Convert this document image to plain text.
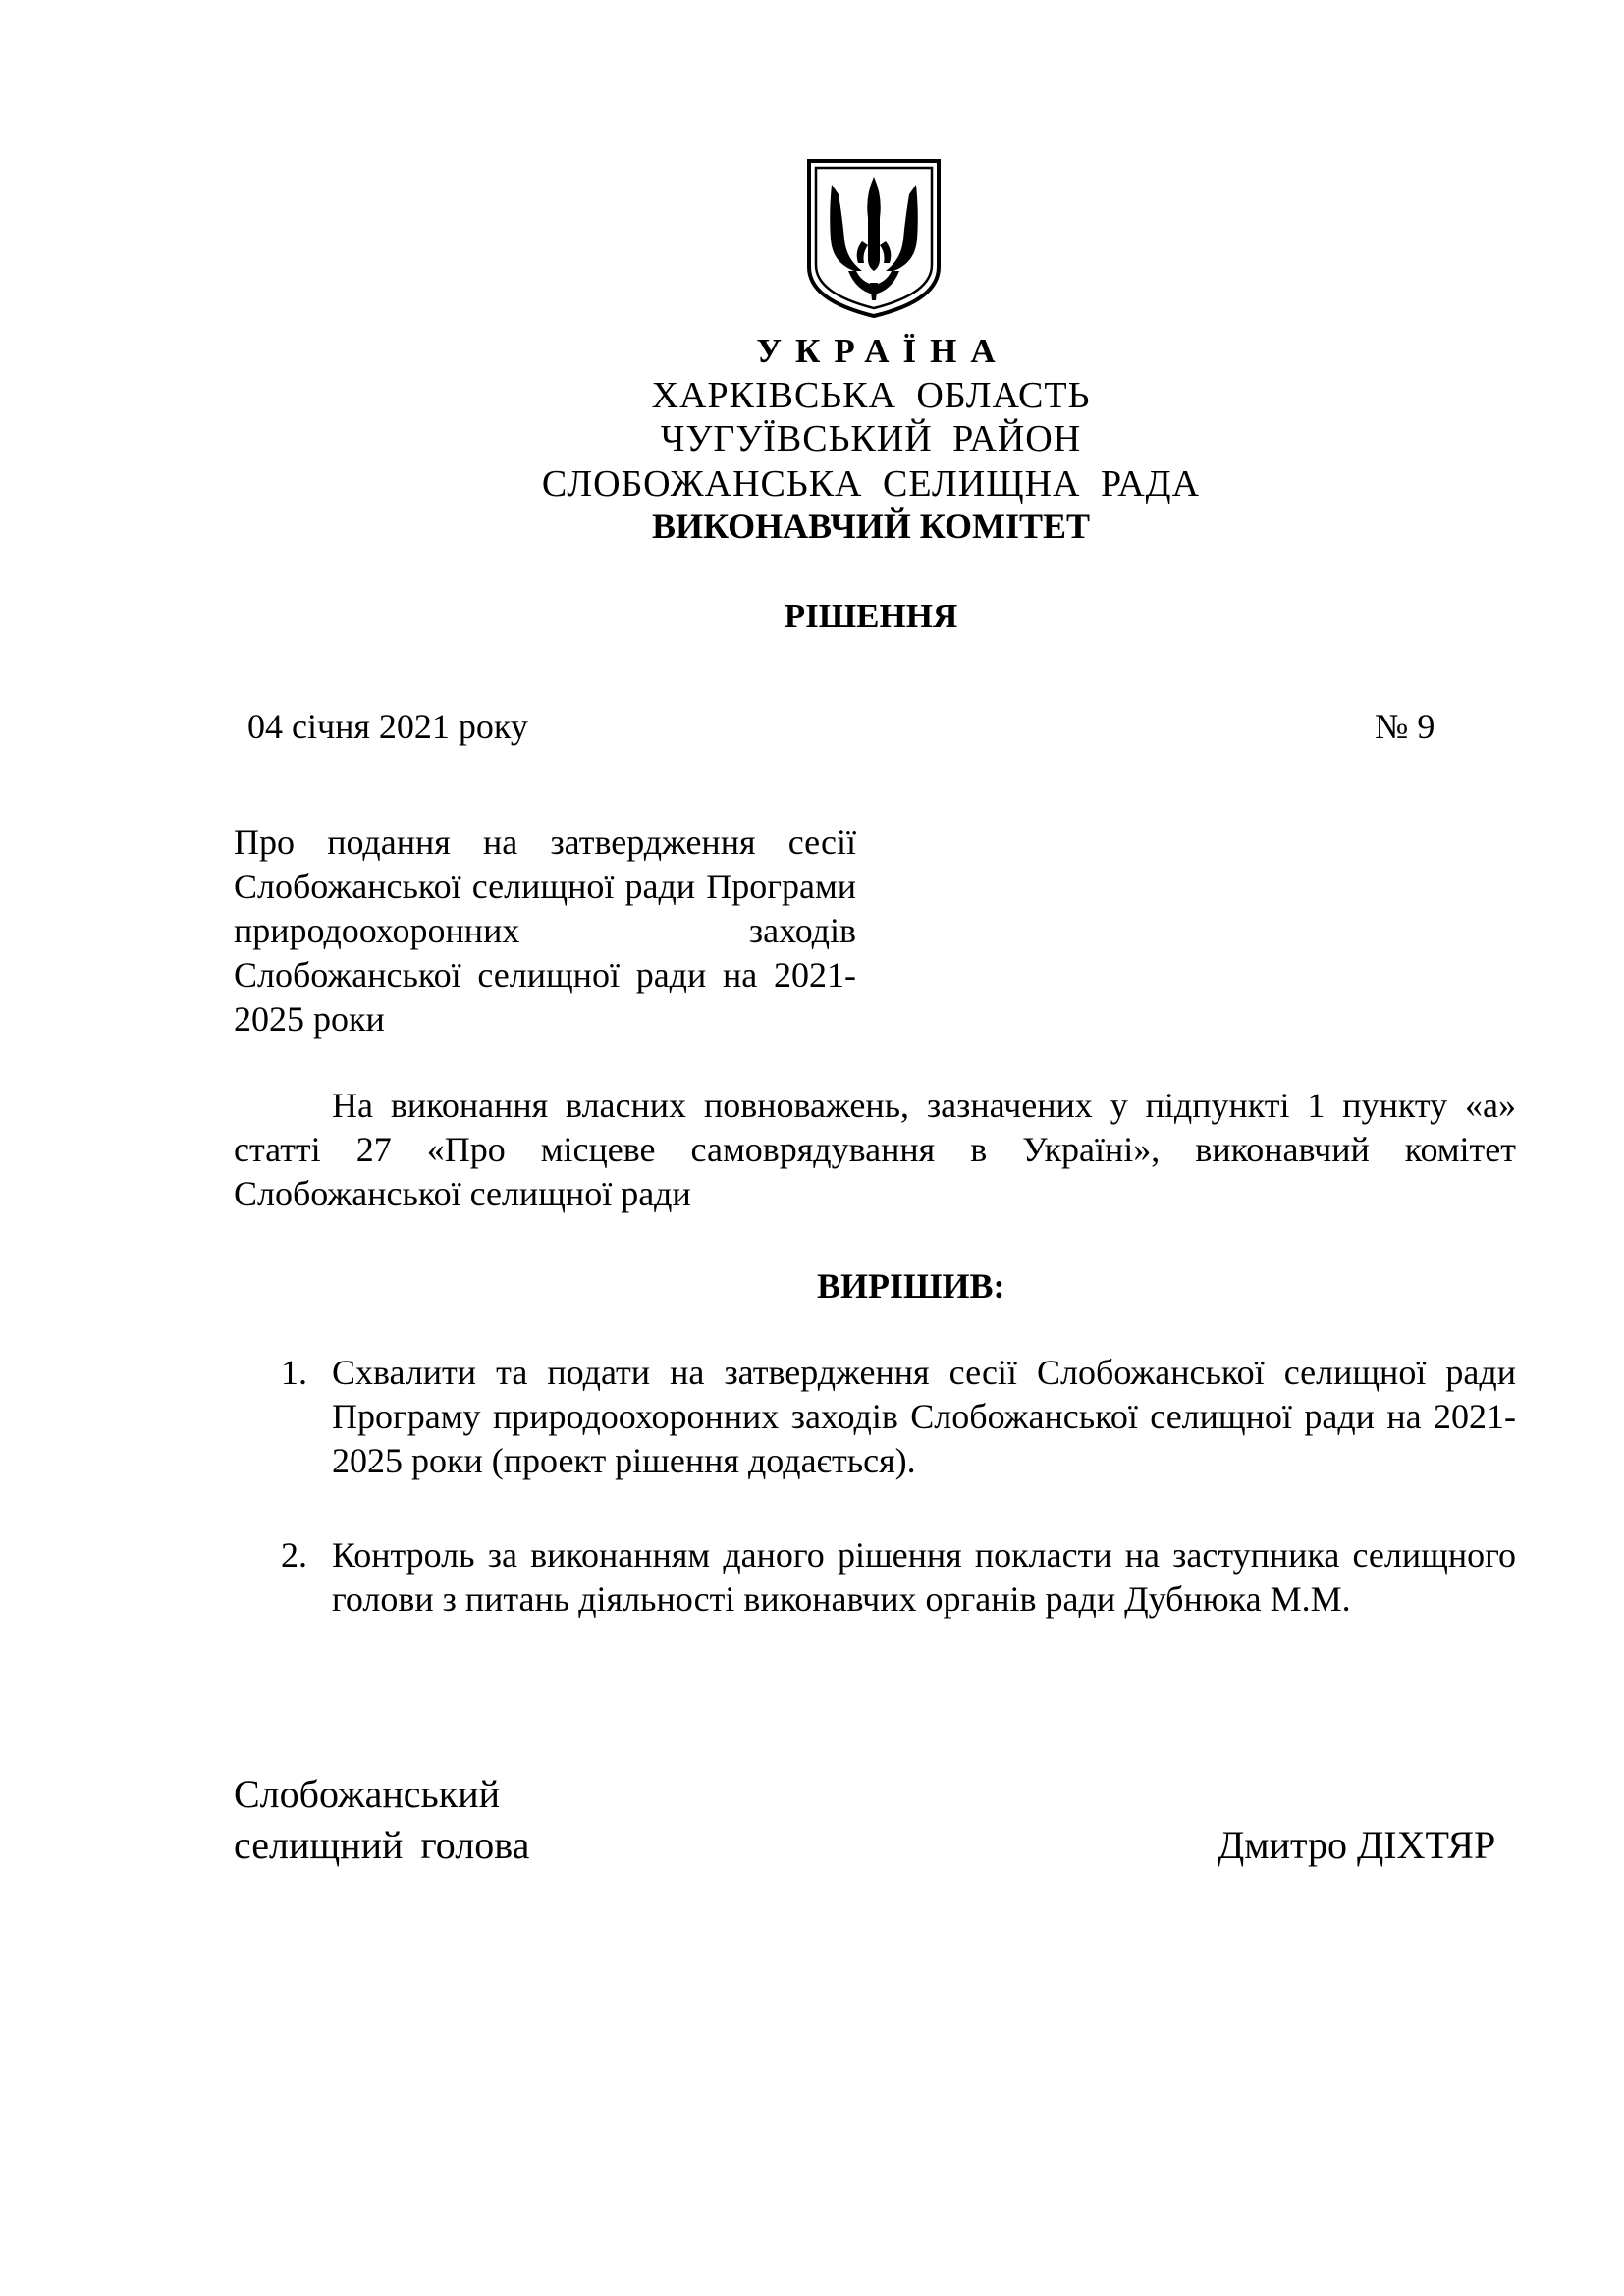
УКРАЇНА
ХАРКІВСЬКА ОБЛАСТЬ
ЧУГУЇВСЬКИЙ РАЙОН
СЛОБОЖАНСЬКА СЕЛИЩНА РАДА
ВИКОНАВЧИЙ КОМІТЕТ
РІШЕННЯ
04 січня 2021 року	№ 9

Про подання на затвердження сесії Слобожанської селищної ради Програми природоохоронних заходів Слобожанської селищної ради на 2021-2025 роки

На виконання власних повноважень, зазначених у підпункті 1 пункту «а» статті 27 «Про місцеве самоврядування в Україні», виконавчий комітет Слобожанської селищної ради

ВИРІШИВ:
1. Схвалити та подати на затвердження сесії Слобожанської селищної ради Програму природоохоронних заходів Слобожанської селищної ради на 2021-2025 роки (проект рішення додається).
2. Контроль за виконанням даного рішення покласти на заступника селищного голови з питань діяльності виконавчих органів ради Дубнюка М.М.
Слобожанський
селищний голова	Дмитро ДІХТЯР
